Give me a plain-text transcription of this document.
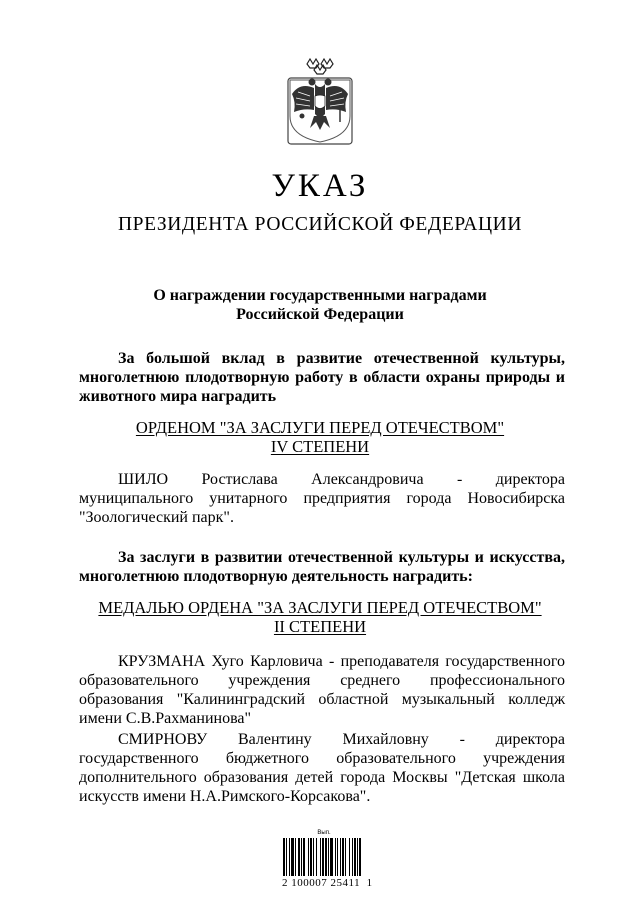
УКАЗ
ПРЕЗИДЕНТА РОССИЙСКОЙ ФЕДЕРАЦИИ
О награждении государственными наградами
Российской Федерации
За большой вклад в развитие отечественной культуры, многолетнюю плодотворную работу в области охраны природы и животного мира наградить
ОРДЕНОМ "ЗА ЗАСЛУГИ ПЕРЕД ОТЕЧЕСТВОМ"
IV СТЕПЕНИ
ШИЛО Ростислава Александровича - директора
муниципального унитарного предприятия города Новосибирска "Зоологический парк".
За заслуги в развитии отечественной культуры и искусства, многолетнюю плодотворную деятельность наградить:
МЕДАЛЬЮ ОРДЕНА "ЗА ЗАСЛУГИ ПЕРЕД ОТЕЧЕСТВОМ"
II СТЕПЕНИ
КРУЗМАНА Хуго Карловича - преподавателя государственного образовательного учреждения среднего профессионального образования "Калининградский областной музыкальный колледж имени С.В.Рахманинова"
СМИРНОВУ Валентину Михайловну - директора
государственного бюджетного образовательного учреждения дополнительного образования детей города Москвы "Детская школа искусств имени Н.А.Римского-Корсакова".
Вып.
2 100007 25411  1
